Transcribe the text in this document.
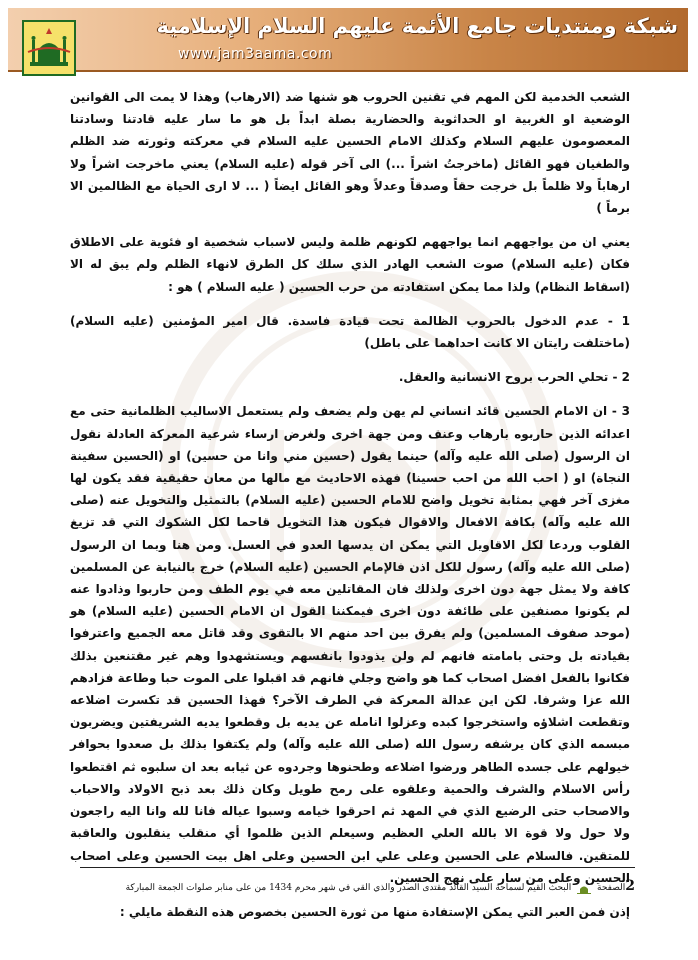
شبكة ومنتديات جامع الأئمة عليهم السلام الإسلامية
www.jam3aama.com

الشعب الخدمية لكن المهم في تقنين الحروب هو شنها ضد (الارهاب) وهذا لا يمت الى القوانين الوضعية او الغربية او الحداثوية والحضارية بصلة ابداً بل هو ما سار عليه قادتنا وسادتنا المعصومون عليهم السلام وكذلك الامام الحسين عليه السلام في معركته وثورته ضد الظلم والطغيان فهو القائل (ماخرجتُ اشراً ...) الى آخر قوله (عليه السلام) يعني ماخرجت اشراً ولا ارهاباً ولا ظلماً بل خرجت حقاً وصدقاً وعدلاً وهو القائل ايضاً ( ... لا ارى الحياة مع الظالمين الا برماً )

يعني ان من يواجههم انما يواجههم لكونهم ظلمة وليس لاسباب شخصية او فئوية على الاطلاق فكان (عليه السلام) صوت الشعب الهادر الذي سلك كل الطرق لانهاء الظلم ولم يبق له الا (اسقاط النظام) ولذا مما يمكن استفادته من حرب الحسين ( عليه السلام ) هو :

1 - عدم الدخول بالحروب الظالمة تحت قيادة فاسدة. قال امير المؤمنين (عليه السلام) (ماختلفت رايتان الا كانت احداهما على باطل)

2 - تحلي الحرب بروح الانسانية والعقل.

3 - ان الامام الحسين قائد انساني لم يهن ولم يضعف ولم يستعمل الاساليب الظلمانية حتى مع اعدائه الذين حاربوه بارهاب وعنف ومن جهة اخرى ولغرض ارساء شرعية المعركة العادلة نقول ان الرسول (صلى الله عليه وآله) حينما يقول (حسين مني وانا من حسين) او (الحسين سفينة النجاة) او ( احب الله من احب حسينا) فهذه الاحاديث مع مالها من معان حقيقية فقد يكون لها مغزى آخر فهي بمثابة تخويل واضح للامام الحسين (عليه السلام) بالتمثيل والتخويل عنه (صلى الله عليه وآله) بكافة الافعال والاقوال فيكون هذا التخويل قاحما لكل الشكوك التي قد تزيغ القلوب وردعا لكل الاقاويل التي يمكن ان يدسها العدو في العسل. ومن هنا وبما ان الرسول (صلى الله عليه وآله) رسول للكل اذن فالإمام الحسين (عليه السلام) خرج بالنيابة عن المسلمين كافة ولا يمثل جهة دون اخرى ولذلك فان المقاتلين معه في يوم الطف ومن حاربوا وذادوا عنه لم يكونوا مصنفين على طائفة دون اخرى فيمكننا القول ان الامام الحسين (عليه السلام) هو (موحد صفوف المسلمين) ولم يفرق بين احد منهم الا بالتقوى وقد قاتل معه الجميع واعترفوا بقيادته بل وحتى بامامته فانهم لم ولن يذودوا بانفسهم ويستشهدوا وهم غير مقتنعين بذلك فكانوا بالفعل افضل اصحاب كما هو واضح وجلي فانهم قد اقبلوا على الموت حبا وطاعة فزادهم الله عزا وشرفا. لكن اين عدالة المعركة في الطرف الآخر؟ فهذا الحسين قد تكسرت اضلاعه وتقطعت اشلاؤه واستخرجوا كبده وعزلوا انامله عن يديه بل وقطعوا يديه الشريفتين ويضربون مبسمه الذي كان يرشفه رسول الله (صلى الله عليه وآله) ولم يكتفوا بذلك بل صعدوا بحوافر خيولهم على جسده الطاهر ورضوا اضلاعه وطحنوها وجردوه عن ثيابه بعد ان سلبوه ثم اقتطعوا رأس الاسلام والشرف والحمية وعلقوه على رمح طويل وكان ذلك بعد ذبح الاولاد والاحباب والاصحاب حتى الرضيع الذي في المهد ثم احرقوا خيامه وسبوا عياله فانا لله وانا اليه راجعون ولا حول ولا قوة الا بالله العلي العظيم وسيعلم الذين ظلموا أي منقلب ينقلبون والعاقبة للمتقين. فالسلام على الحسين وعلى علي ابن الحسين وعلى اهل بيت الحسين وعلى اصحاب الحسين وعلى من سار على نهج الحسين.

إذن فمن العبر التي يمكن الإستفادة منها من ثورة الحسين بخصوص هذه النقطة مايلي :

2الصفحة  البحث القيم لسماحة السيد القائد مقتدى الصدر والذي القي في شهر محرم 1434 من على منابر صلوات الجمعة المباركة
